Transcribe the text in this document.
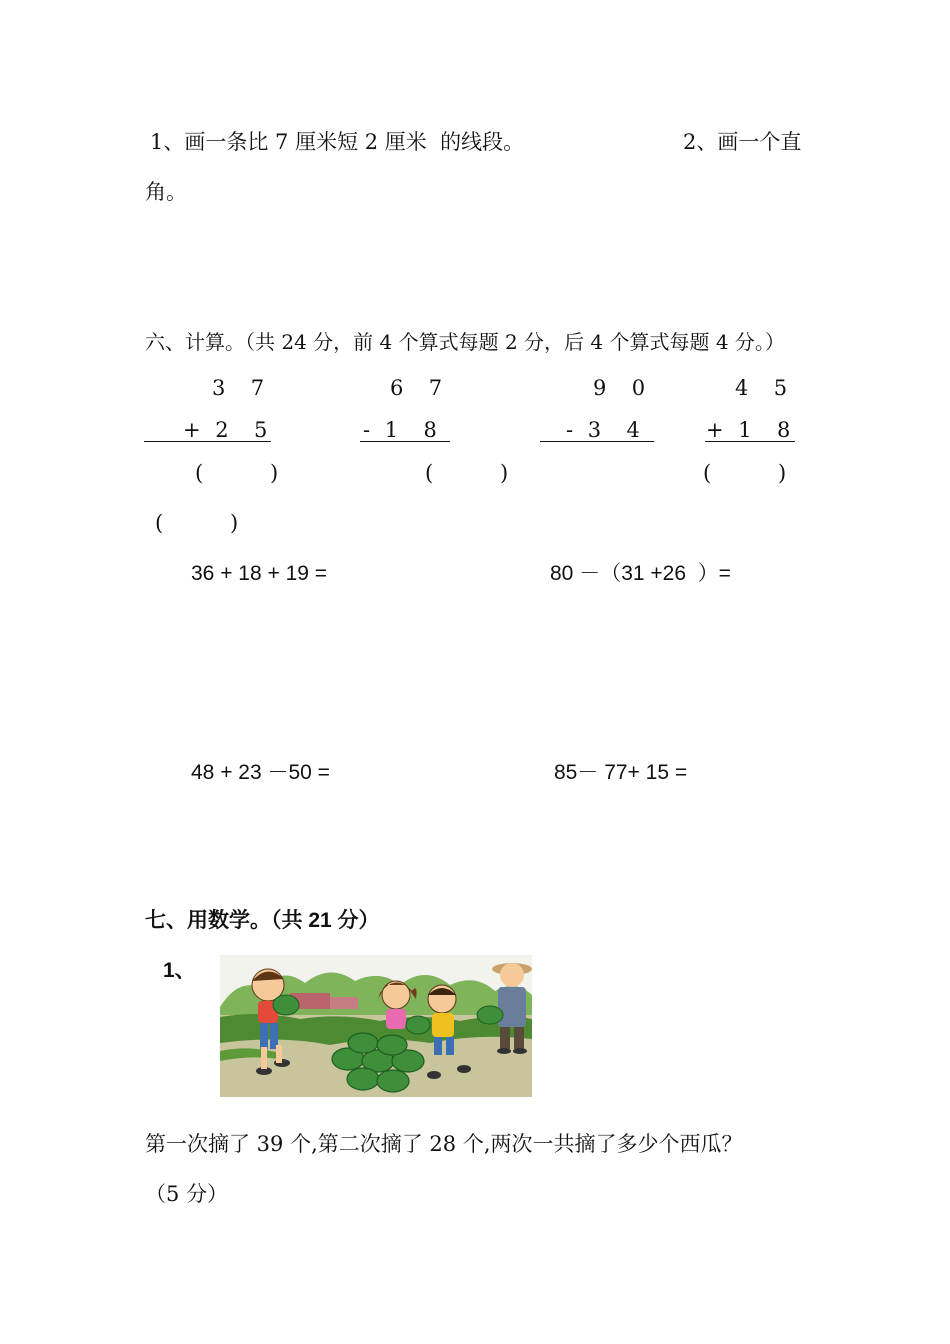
1、画一条比 7 厘米短 2 厘米  的线段。	2、画一个直
角。
六、计算。（共 24 分，前 4 个算式每题 2 分，后 4 个算式每题 4 分。）
3  7
+ 2  5
(          )
6  7
- 1  8
(          )
9  0
- 3  4
(          )
4  5
+ 1  8
(          )
36 + 18 + 19 =	80 －（31 +26  ）=
48 + 23 －50 =	85－ 77+ 15 =
七、用数学。（共 21 分）
1、
第一次摘了 39 个,第二次摘了 28 个,两次一共摘了多少个西瓜？
（5 分）
